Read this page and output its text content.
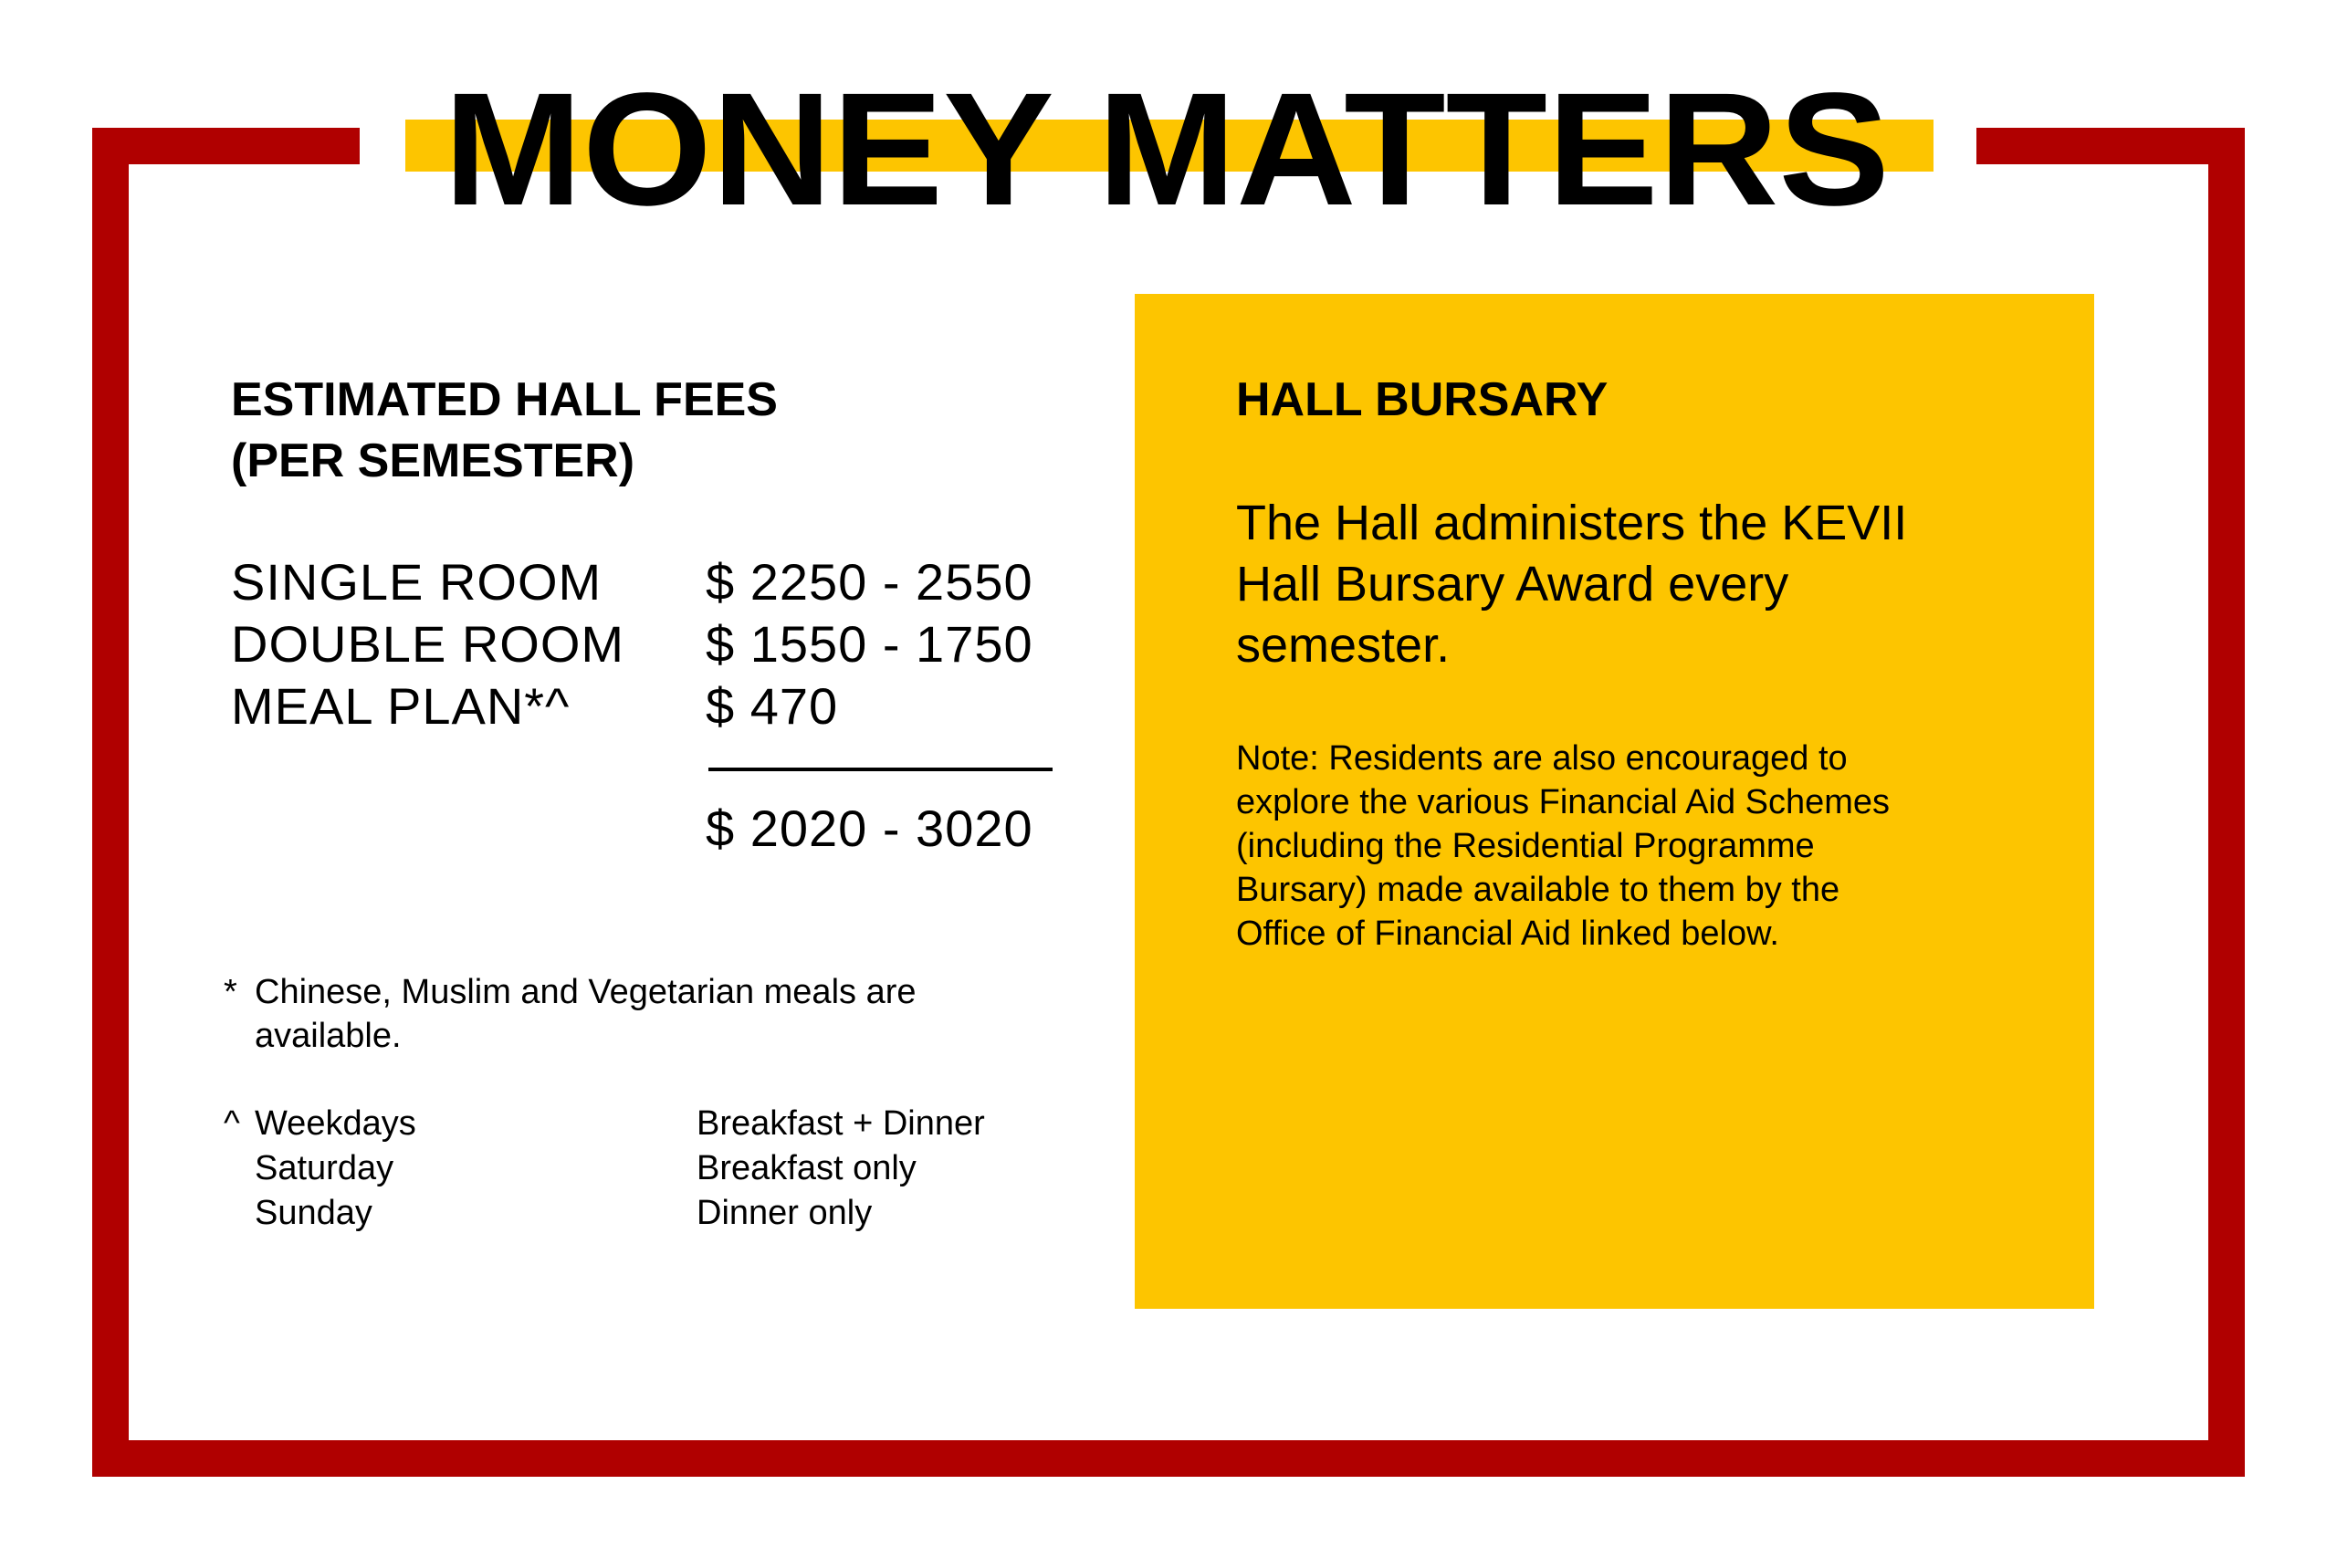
MONEY MATTERS
ESTIMATED HALL FEES
(PER SEMESTER)
SINGLE ROOM $ 2250 - 2550
DOUBLE ROOM $ 1550 - 1750
MEAL PLAN*^	$ 470
$ 2020 - 3020
* Chinese, Muslim and Vegetarian meals are
available.
^ Weekdays	Breakfast + Dinner
Saturday	Breakfast only
Sunday	Dinner only
HALL BURSARY
The Hall administers the KEVII
Hall Bursary Award every
semester.
Note: Residents are also encouraged to
explore the various Financial Aid Schemes
(including the Residential Programme
Bursary) made available to them by the
Office of Financial Aid linked below.
